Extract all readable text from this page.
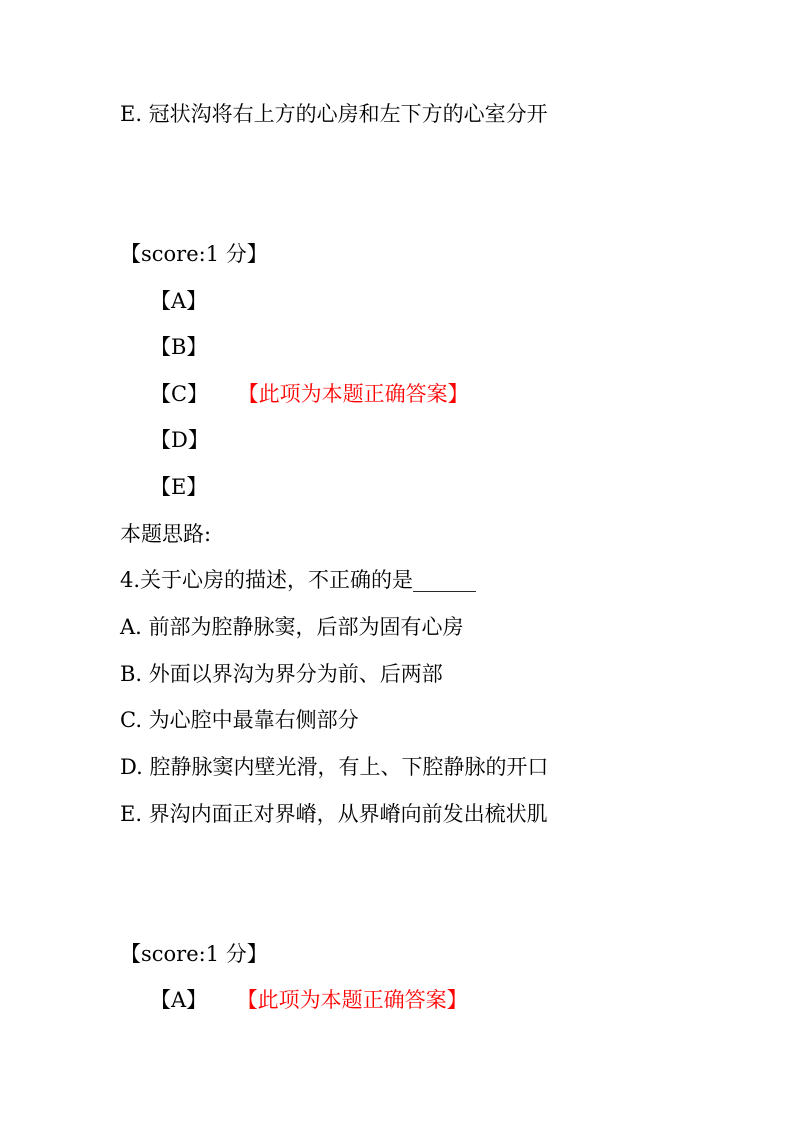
E. 冠状沟将右上方的心房和左下方的心室分开
【score:1 分】
【A】
【B】
【C】 【此项为本题正确答案】
【D】
【E】
本题思路:
4.关于心房的描述，不正确的是______
A. 前部为腔静脉窦，后部为固有心房
B. 外面以界沟为界分为前、后两部
C. 为心腔中最靠右侧部分
D. 腔静脉窦内壁光滑，有上、下腔静脉的开口
E. 界沟内面正对界嵴，从界嵴向前发出梳状肌
【score:1 分】
【A】 【此项为本题正确答案】
